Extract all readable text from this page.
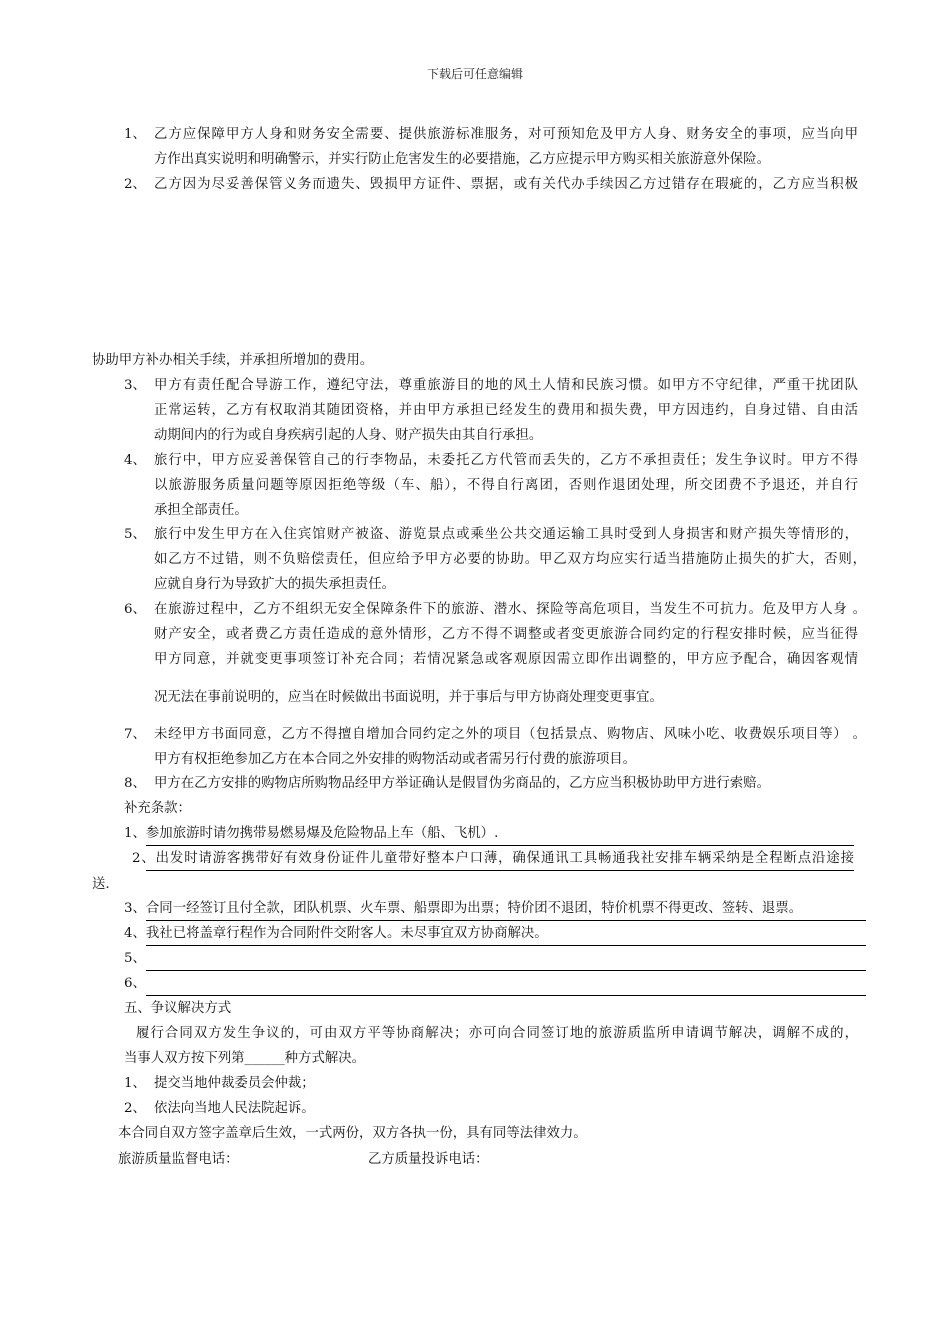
下载后可任意编辑
1、 乙方应保障甲方人身和财务安全需要、提供旅游标准服务，对可预知危及甲方人身、财务安全的事项，应当向甲
方作出真实说明和明确警示，并实行防止危害发生的必要措施，乙方应提示甲方购买相关旅游意外保险。
2、 乙方因为尽妥善保管义务而遗失、毁损甲方证件、票据，或有关代办手续因乙方过错存在瑕疵的，乙方应当积极
协助甲方补办相关手续，并承担所增加的费用。
3、 甲方有责任配合导游工作，遵纪守法，尊重旅游目的地的风土人情和民族习惯。如甲方不守纪律，严重干扰团队
正常运转，乙方有权取消其随团资格，并由甲方承担已经发生的费用和损失费，甲方因违约，自身过错、自由活
动期间内的行为或自身疾病引起的人身、财产损失由其自行承担。
4、 旅行中，甲方应妥善保管自己的行李物品，未委托乙方代管而丢失的，乙方不承担责任；发生争议时。甲方不得
以旅游服务质量问题等原因拒绝等级（车、船），不得自行离团，否则作退团处理，所交团费不予退还，并自行
承担全部责任。
5、 旅行中发生甲方在入住宾馆财产被盗、游览景点或乘坐公共交通运输工具时受到人身损害和财产损失等情形的，
如乙方不过错，则不负赔偿责任，但应给予甲方必要的协助。甲乙双方均应实行适当措施防止损失的扩大，否则，
应就自身行为导致扩大的损失承担责任。
6、 在旅游过程中，乙方不组织无安全保障条件下的旅游、潜水、探险等高危项目，当发生不可抗力。危及甲方人身 。
财产安全，或者费乙方责任造成的意外情形，乙方不得不调整或者变更旅游合同约定的行程安排时候，应当征得
甲方同意，并就变更事项签订补充合同；若情况紧急或客观原因需立即作出调整的，甲方应予配合，确因客观情
况无法在事前说明的，应当在时候做出书面说明，并于事后与甲方协商处理变更事宜。
7、 未经甲方书面同意，乙方不得擅自增加合同约定之外的项目（包括景点、购物店、风味小吃、收费娱乐项目等） 。
甲方有权拒绝参加乙方在本合同之外安排的购物活动或者需另行付费的旅游项目。
8、 甲方在乙方安排的购物店所购物品经甲方举证确认是假冒伪劣商品的，乙方应当积极协助甲方进行索赔。
补充条款：
1、参加旅游时请勿携带易燃易爆及危险物品上车（船、飞机）.
2、出发时请游客携带好有效身份证件儿童带好整本户口薄，确保通讯工具畅通我社安排车辆采纳是全程断点沿途接
送.
3、合同一经签订且付全款，团队机票、火车票、船票即为出票；特价团不退团，特价机票不得更改、签转、退票。
4、我社已将盖章行程作为合同附件交附客人。未尽事宜双方协商解决。
5、
6、
五、争议解决方式
履行合同双方发生争议的，可由双方平等协商解决；亦可向合同签订地的旅游质监所申请调节解决，调解不成的，
当事人双方按下列第______种方式解决。
1、 提交当地仲裁委员会仲裁；
2、 依法向当地人民法院起诉。
本合同自双方签字盖章后生效，一式两份，双方各执一份，具有同等法律效力。
旅游质量监督电话：	乙方质量投诉电话：
